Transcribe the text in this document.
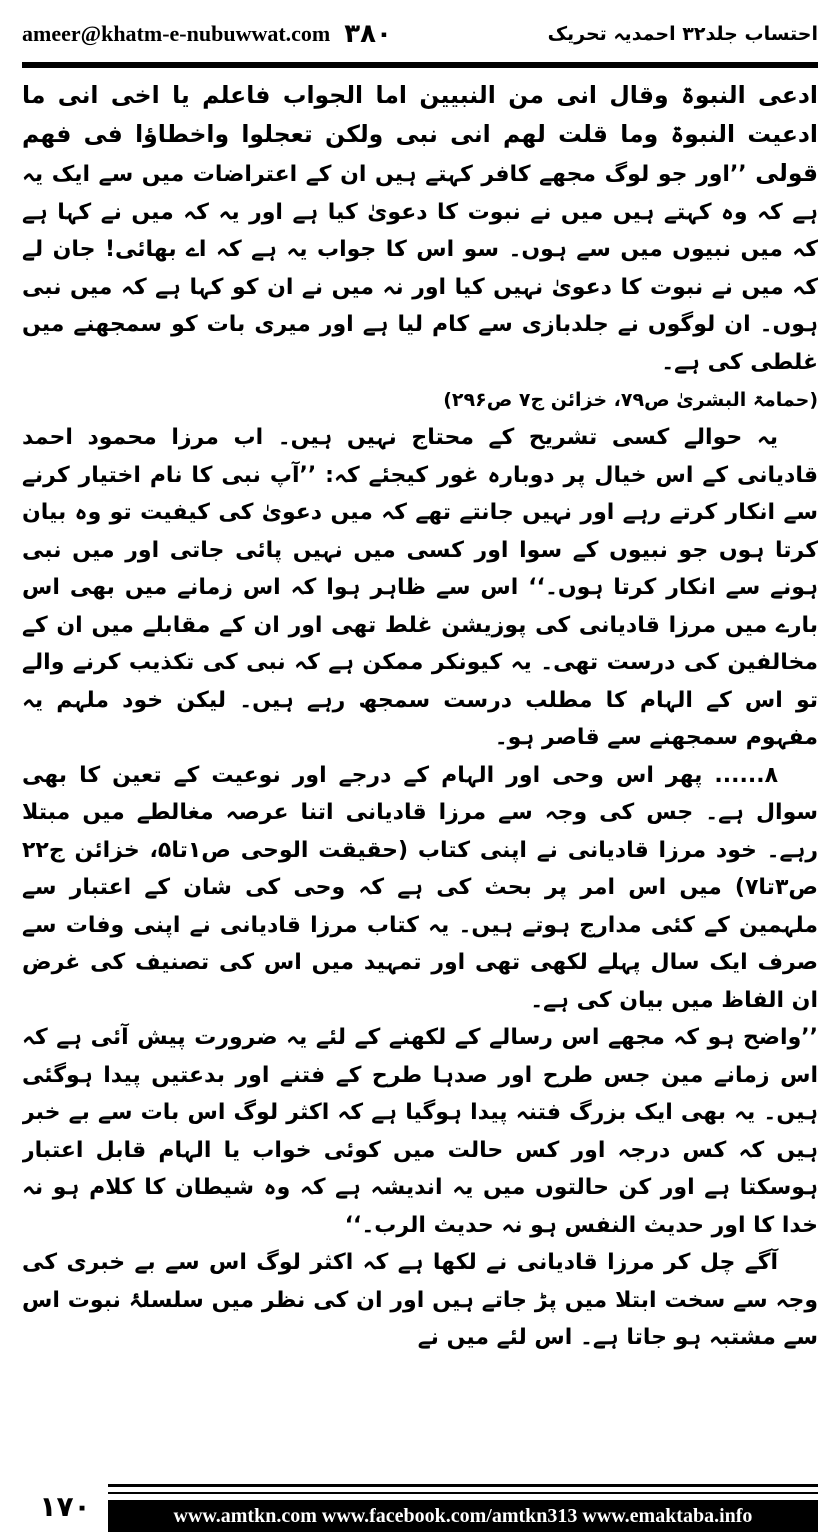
ameer@khatm-e-nubuwwat.com ٣٨٠	احتساب جلد۳۲ احمدیہ تحریک

ادعی النبوۃ وقال انی من النبیین اما الجواب فاعلم یا اخی انی ما ادعیت النبوۃ وما قلت لھم انی نبی ولکن تعجلوا واخطاؤا فی فھم قولی ’’اور جو لوگ مجھے کافر کہتے ہیں ان کے اعتراضات میں سے ایک یہ ہے کہ وہ کہتے ہیں میں نے نبوت کا دعویٰ کیا ہے اور یہ کہ میں نے کہا ہے کہ میں نبیوں میں سے ہوں۔ سو اس کا جواب یہ ہے کہ اے بھائی! جان لے کہ میں نے نبوت کا دعویٰ نہیں کیا اور نہ میں نے ان کو کہا ہے کہ میں نبی ہوں۔ ان لوگوں نے جلدبازی سے کام لیا ہے اور میری بات کو سمجھنے میں غلطی کی ہے۔

(حمامۃ البشریٰ ص۷۹، خزائن ج۷ ص۲۹۶)

یہ حوالے کسی تشریح کے محتاج نہیں ہیں۔ اب مرزا محمود احمد قادیانی کے اس خیال پر دوبارہ غور کیجئے کہ: ’’آپ نبی کا نام اختیار کرنے سے انکار کرتے رہے اور نہیں جانتے تھے کہ میں دعویٰ کی کیفیت تو وہ بیان کرتا ہوں جو نبیوں کے سوا اور کسی میں نہیں پائی جاتی اور میں نبی ہونے سے انکار کرتا ہوں۔‘‘ اس سے ظاہر ہوا کہ اس زمانے میں بھی اس بارے میں مرزا قادیانی کی پوزیشن غلط تھی اور ان کے مقابلے میں ان کے مخالفین کی درست تھی۔ یہ کیونکر ممکن ہے کہ نبی کی تکذیب کرنے والے تو اس کے الہام کا مطلب درست سمجھ رہے ہیں۔ لیکن خود ملہم یہ مفہوم سمجھنے سے قاصر ہو۔

۸...... پھر اس وحی اور الہام کے درجے اور نوعیت کے تعین کا بھی سوال ہے۔ جس کی وجہ سے مرزا قادیانی اتنا عرصہ مغالطے میں مبتلا رہے۔ خود مرزا قادیانی نے اپنی کتاب (حقیقت الوحی ص۱تا۵، خزائن ج۲۲ ص۳تا۷) میں اس امر پر بحث کی ہے کہ وحی کی شان کے اعتبار سے ملہمین کے کئی مدارج ہوتے ہیں۔ یہ کتاب مرزا قادیانی نے اپنی وفات سے صرف ایک سال پہلے لکھی تھی اور تمہید میں اس کی تصنیف کی غرض ان الفاظ میں بیان کی ہے۔

’’واضح ہو کہ مجھے اس رسالے کے لکھنے کے لئے یہ ضرورت پیش آئی ہے کہ اس زمانے مین جس طرح اور صدہا طرح کے فتنے اور بدعتیں پیدا ہوگئی ہیں۔ یہ بھی ایک بزرگ فتنہ پیدا ہوگیا ہے کہ اکثر لوگ اس بات سے بے خبر ہیں کہ کس درجہ اور کس حالت میں کوئی خواب یا الہام قابل اعتبار ہوسکتا ہے اور کن حالتوں میں یہ اندیشہ ہے کہ وہ شیطان کا کلام ہو نہ خدا کا اور حدیث النفس ہو نہ حدیث الرب۔‘‘

آگے چل کر مرزا قادیانی نے لکھا ہے کہ اکثر لوگ اس سے بے خبری کی وجہ سے سخت ابتلا میں پڑ جاتے ہیں اور ان کی نظر میں سلسلۂ نبوت اس سے مشتبہ ہو جاتا ہے۔ اس لئے میں نے

١٧٠	www.amtkn.com www.facebook.com/amtkn313 www.emaktaba.info
